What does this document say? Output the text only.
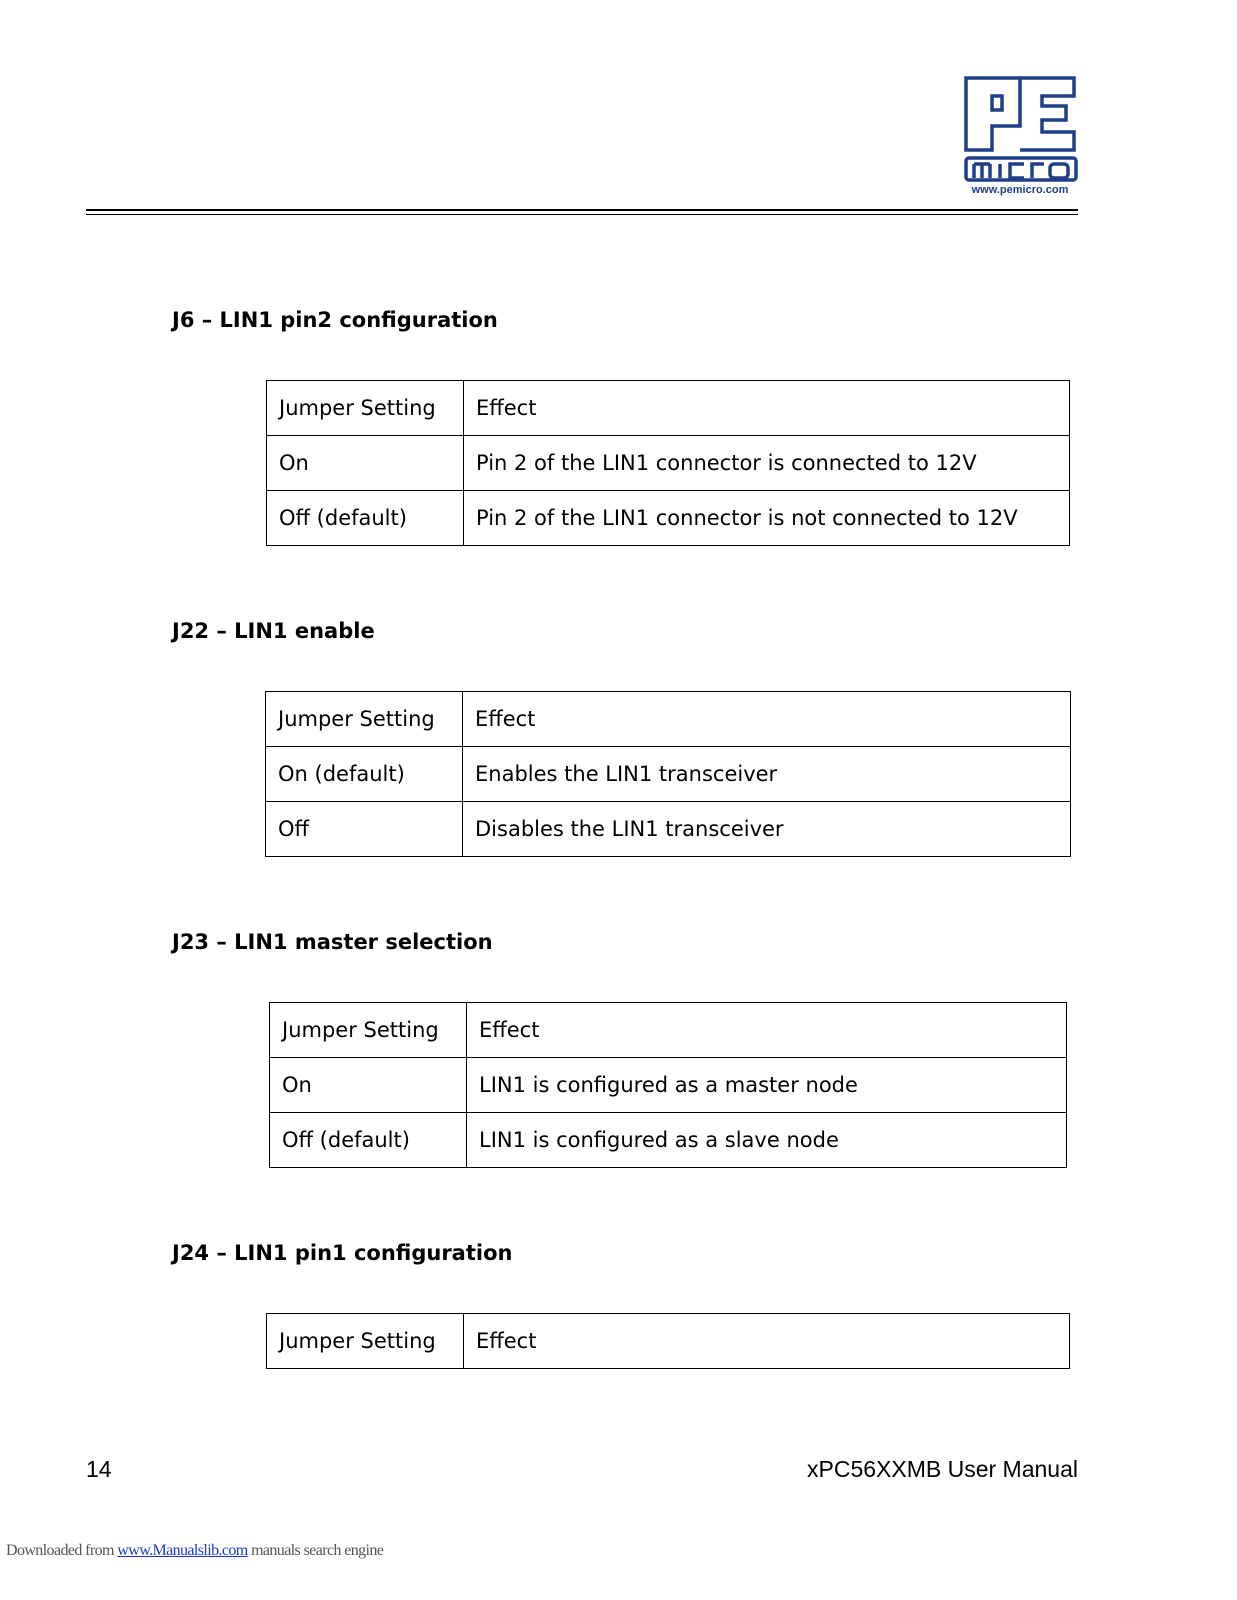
www.pemicro.com
J6 – LIN1 pin2 configuration
Jumper Setting	Effect
On	Pin 2 of the LIN1 connector is connected to 12V
Off (default)	Pin 2 of the LIN1 connector is not connected to 12V
J22 – LIN1 enable
Jumper Setting	Effect
On (default)	Enables the LIN1 transceiver
Off	Disables the LIN1 transceiver
J23 – LIN1 master selection
Jumper Setting	Effect
On	LIN1 is configured as a master node
Off (default)	LIN1 is configured as a slave node
J24 – LIN1 pin1 configuration
Jumper Setting	Effect
14	xPC56XXMB User Manual
Downloaded from www.Manualslib.com manuals search engine
